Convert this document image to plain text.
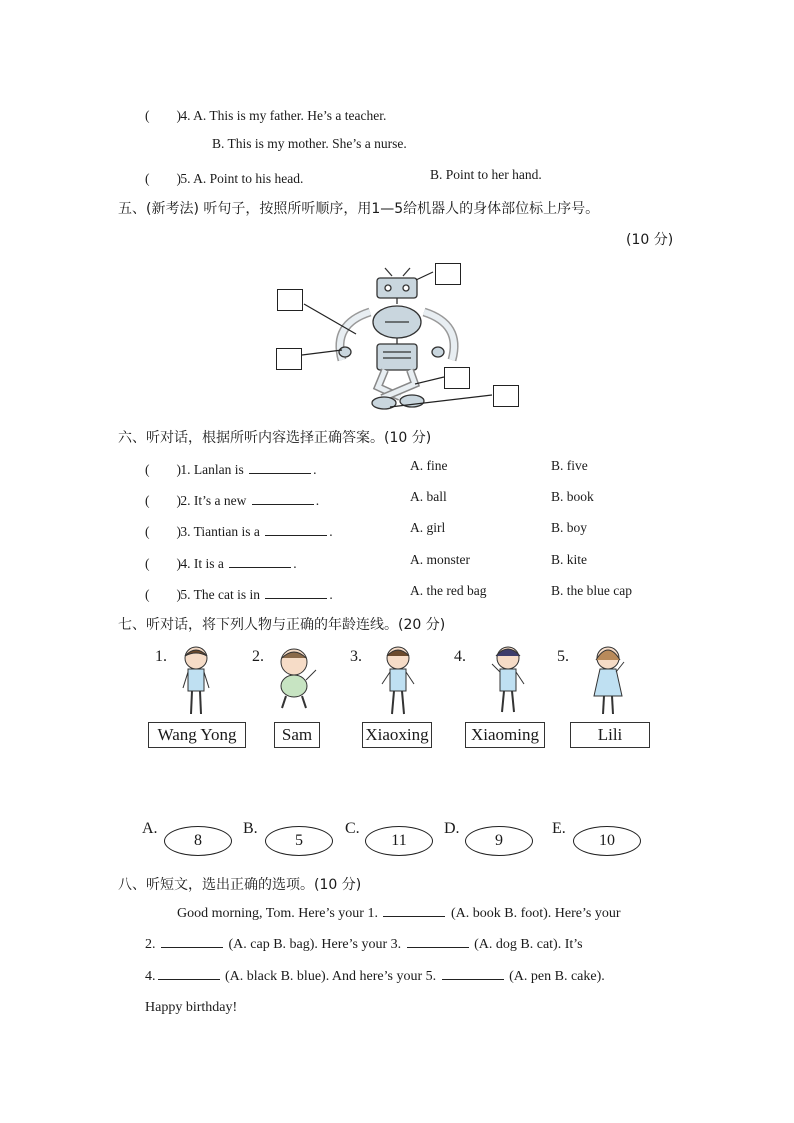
(　　) 4. A. This is my father. He’s a teacher.
B. This is my mother. She’s a nurse.
(　　) 5. A. Point to his head.	B. Point to her hand.
五、(新考法) 听句子，按照所听顺序，用1—5给机器人的身体部位标上序号。
(10 分)
六、听对话，根据所听内容选择正确答案。(10 分)
(　　) 1. Lanlan is	.	A. fine	B. five
(　　) 2. It’s a new	.	A. ball	B. book
(　　) 3. Tiantian is a	.	A. girl	B. boy
(　　) 4. It is a	.	A. monster	B. kite
(　　) 5. The cat is in	.	A. the red bag	B. the blue cap
七、听对话，将下列人物与正确的年龄连线。(20 分)
1.	2.	3.	4.	5.
Wang Yong	Sam	Xiaoxing	Xiaoming	Lili
A.
8
B.
5
C.
11
D.
9
E.
10
八、听短文，选出正确的选项。(10 分)
Good morning, Tom. Here’s your 1.	(A. book B. foot). Here’s your
2.	(A. cap B. bag). Here’s your 3.	(A. dog B. cat). It’s
4.	(A. black B. blue). And here’s your 5.	(A. pen B. cake).
Happy birthday!
